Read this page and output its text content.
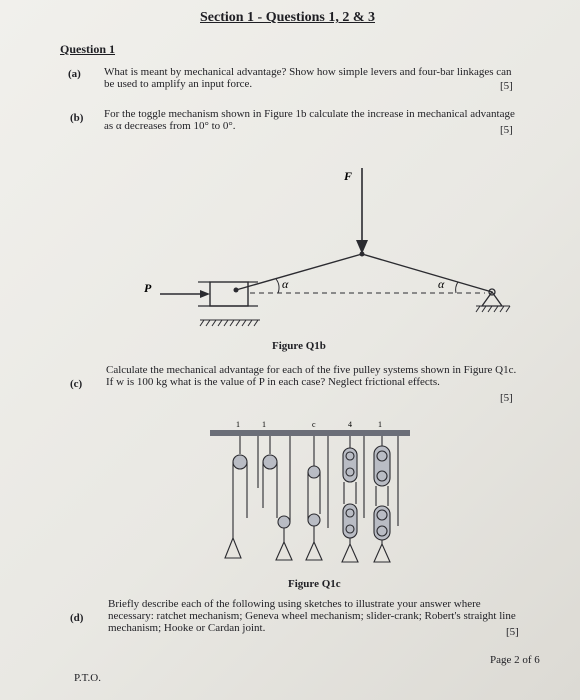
Section 1 - Questions 1, 2 & 3
Question 1
(a) What is meant by mechanical advantage? Show how simple levers and four-bar linkages can be used to amplify an input force.	[5]
(b) For the toggle mechanism shown in Figure 1b calculate the increase in mechanical advantage as α decreases from 10° to 0°.	[5]
F
P	α	α
Figure Q1b
(c)
Calculate the mechanical advantage for each of the five pulley systems shown in Figure Q1c. If w is 100 kg what is the value of P in each case? Neglect frictional effects.
[5]
1	1	c	4	1
Figure Q1c
(d)
Briefly describe each of the following using sketches to illustrate your answer where necessary: ratchet mechanism; Geneva wheel mechanism; slider-crank; Robert's straight line mechanism; Hooke or Cardan joint.	[5]
Page 2 of 6
P.T.O.
